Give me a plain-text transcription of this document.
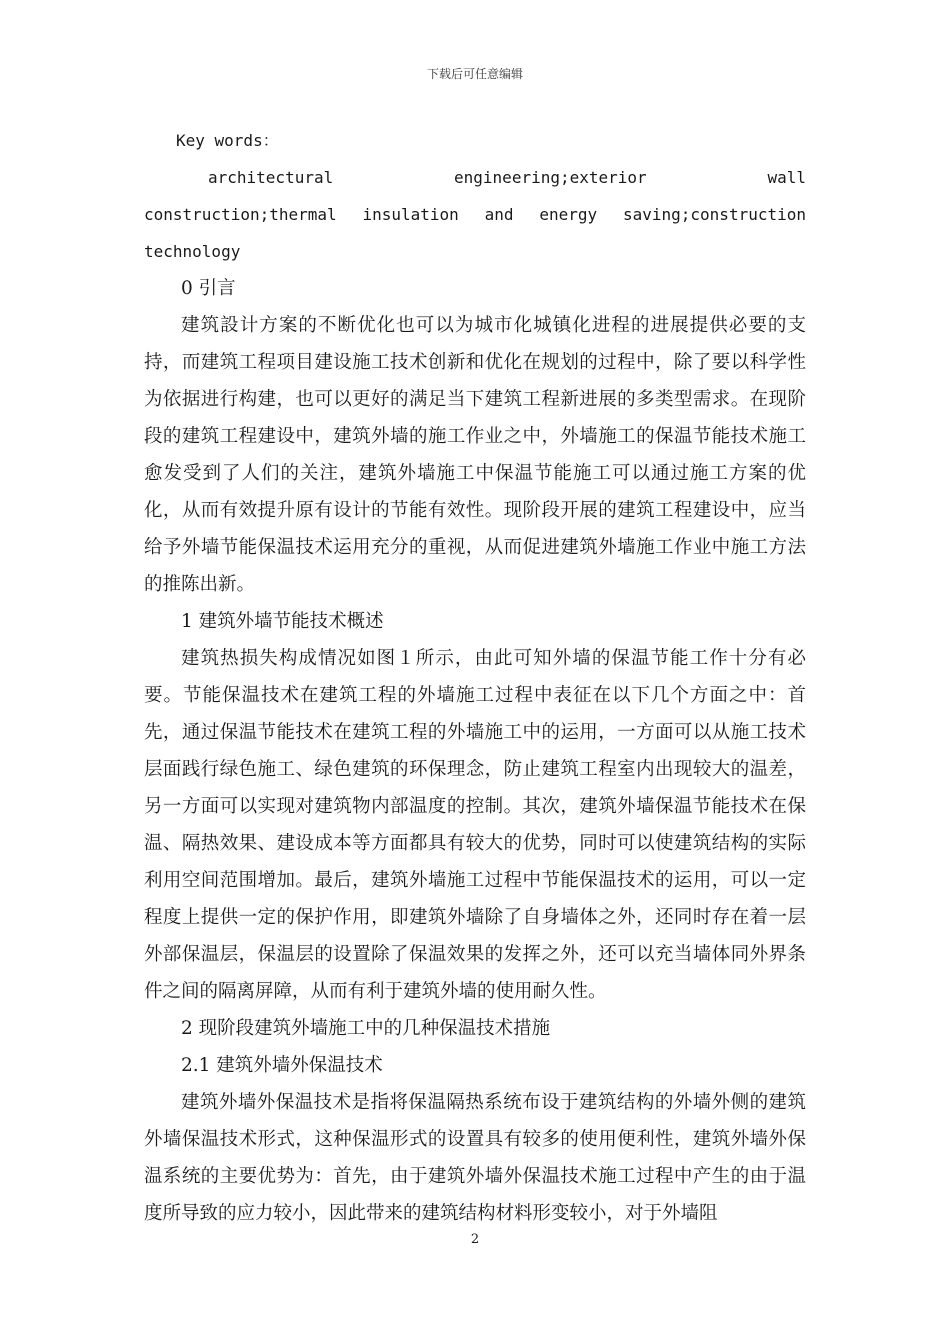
下载后可任意编辑

Key words：

architectural engineering;exterior wall construction;thermal insulation and energy saving;construction technology

0 引言

建筑設计方案的不断优化也可以为城市化城镇化进程的进展提供必要的支持，而建筑工程项目建设施工技术创新和优化在规划的过程中，除了要以科学性为依据进行构建，也可以更好的满足当下建筑工程新进展的多类型需求。在现阶段的建筑工程建设中，建筑外墙的施工作业之中，外墙施工的保温节能技术施工愈发受到了人们的关注，建筑外墙施工中保温节能施工可以通过施工方案的优化，从而有效提升原有设计的节能有效性。现阶段开展的建筑工程建设中，应当给予外墙节能保温技术运用充分的重视，从而促进建筑外墙施工作业中施工方法的推陈出新。

1 建筑外墙节能技术概述

建筑热损失构成情况如图１所示，由此可知外墙的保温节能工作十分有必要。节能保温技术在建筑工程的外墙施工过程中表征在以下几个方面之中：首先，通过保温节能技术在建筑工程的外墙施工中的运用，一方面可以从施工技术层面践行绿色施工、绿色建筑的环保理念，防止建筑工程室内出现较大的温差，另一方面可以实现对建筑物内部温度的控制。其次，建筑外墙保温节能技术在保温、隔热效果、建设成本等方面都具有较大的优势，同时可以使建筑结构的实际利用空间范围增加。最后，建筑外墙施工过程中节能保温技术的运用，可以一定程度上提供一定的保护作用，即建筑外墙除了自身墙体之外，还同时存在着一层外部保温层，保温层的设置除了保温效果的发挥之外，还可以充当墙体同外界条件之间的隔离屏障，从而有利于建筑外墙的使用耐久性。

2 现阶段建筑外墙施工中的几种保温技术措施

2.1 建筑外墙外保温技术

建筑外墙外保温技术是指将保温隔热系统布设于建筑结构的外墙外侧的建筑外墙保温技术形式，这种保温形式的设置具有较多的使用便利性，建筑外墙外保温系统的主要优势为：首先，由于建筑外墙外保温技术施工过程中产生的由于温度所导致的应力较小，因此带来的建筑结构材料形变较小，对于外墙阻

2
